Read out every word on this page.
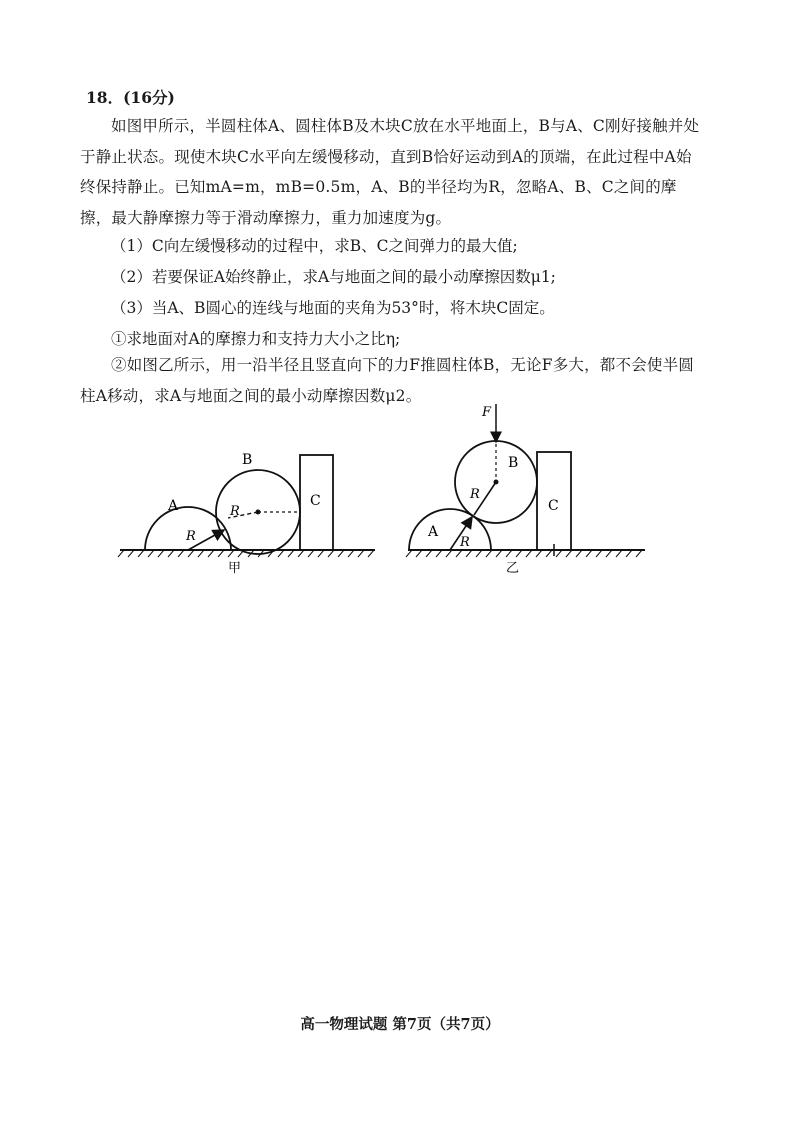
18．(16分)
如图甲所示，半圆柱体A、圆柱体B及木块C放在水平地面上，B与A、C刚好接触并处于静止状态。现使木块C水平向左缓慢移动，直到B恰好运动到A的顶端，在此过程中A始终保持静止。已知mA=m，mB=0.5m，A、B的半径均为R，忽略A、B、C之间的摩擦，最大静摩擦力等于滑动摩擦力，重力加速度为g。
（1）C向左缓慢移动的过程中，求B、C之间弹力的最大值;
（2）若要保证A始终静止，求A与地面之间的最小动摩擦因数μ1;
（3）当A、B圆心的连线与地面的夹角为53°时，将木块C固定。
①求地面对A的摩擦力和支持力大小之比η;
②如图乙所示，用一沿半径且竖直向下的力F推圆柱体B，无论F多大，都不会使半圆柱A移动，求A与地面之间的最小动摩擦因数μ2。
A
B
C
R
R
甲
F
A
B
C
R
R
乙
高一物理试题 第7页（共7页）
